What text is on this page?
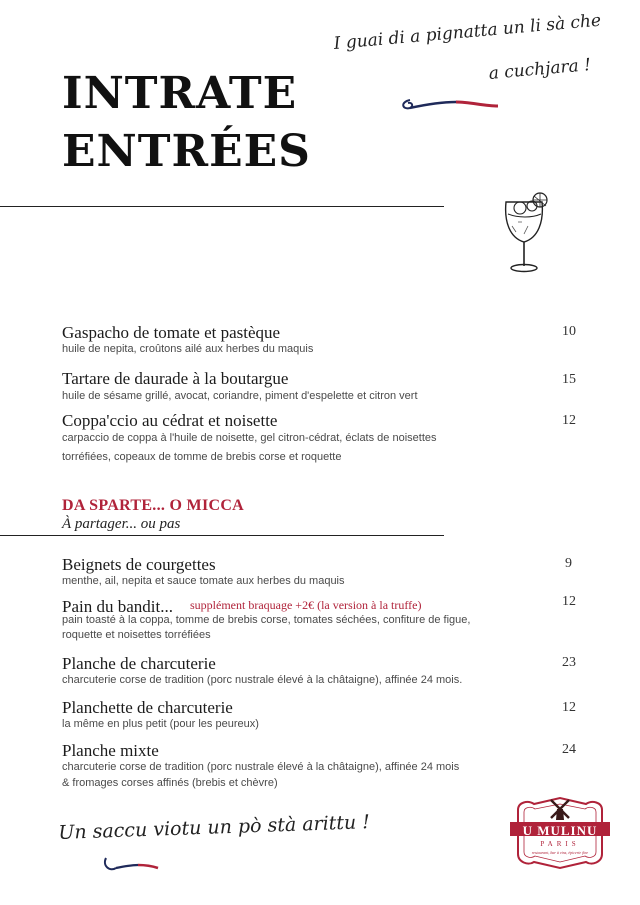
INTRATE
ENTRÉES
I guai di a pignatta un li sà che
a cuchjara !
Gaspacho de tomate et pastèque	10
huile de nepita, croûtons ailé aux herbes du maquis
Tartare de daurade à la boutargue	15
huile de sésame grillé, avocat, coriandre, piment d'espelette et citron vert
Coppa'ccio au cédrat et noisette	12
carpaccio de coppa à l'huile de noisette, gel citron-cédrat, éclats de noisettes
torréfiées, copeaux de tomme de brebis corse et roquette
DA SPARTE... O MICCA
À partager... ou pas
Beignets de courgettes	9
menthe, ail, nepita et sauce tomate aux herbes du maquis
Pain du bandit... supplément braquage +2€ (la version à la truffe)	12
pain toasté à la coppa, tomme de brebis corse, tomates séchées, confiture de figue,
roquette et noisettes torréfiées
Planche de charcuterie	23
charcuterie corse de tradition (porc nustrale élevé à la châtaigne), affinée 24 mois.
Planchette de charcuterie	12
la même en plus petit (pour les peureux)
Planche mixte	24
charcuterie corse de tradition (porc nustrale élevé à la châtaigne), affinée 24 mois
& fromages corses affinés (brebis et chèvre)
Un saccu viotu un pò stà arittu !	U MULINU
PARIS
restaurant, bar à vins, épicerie fine
